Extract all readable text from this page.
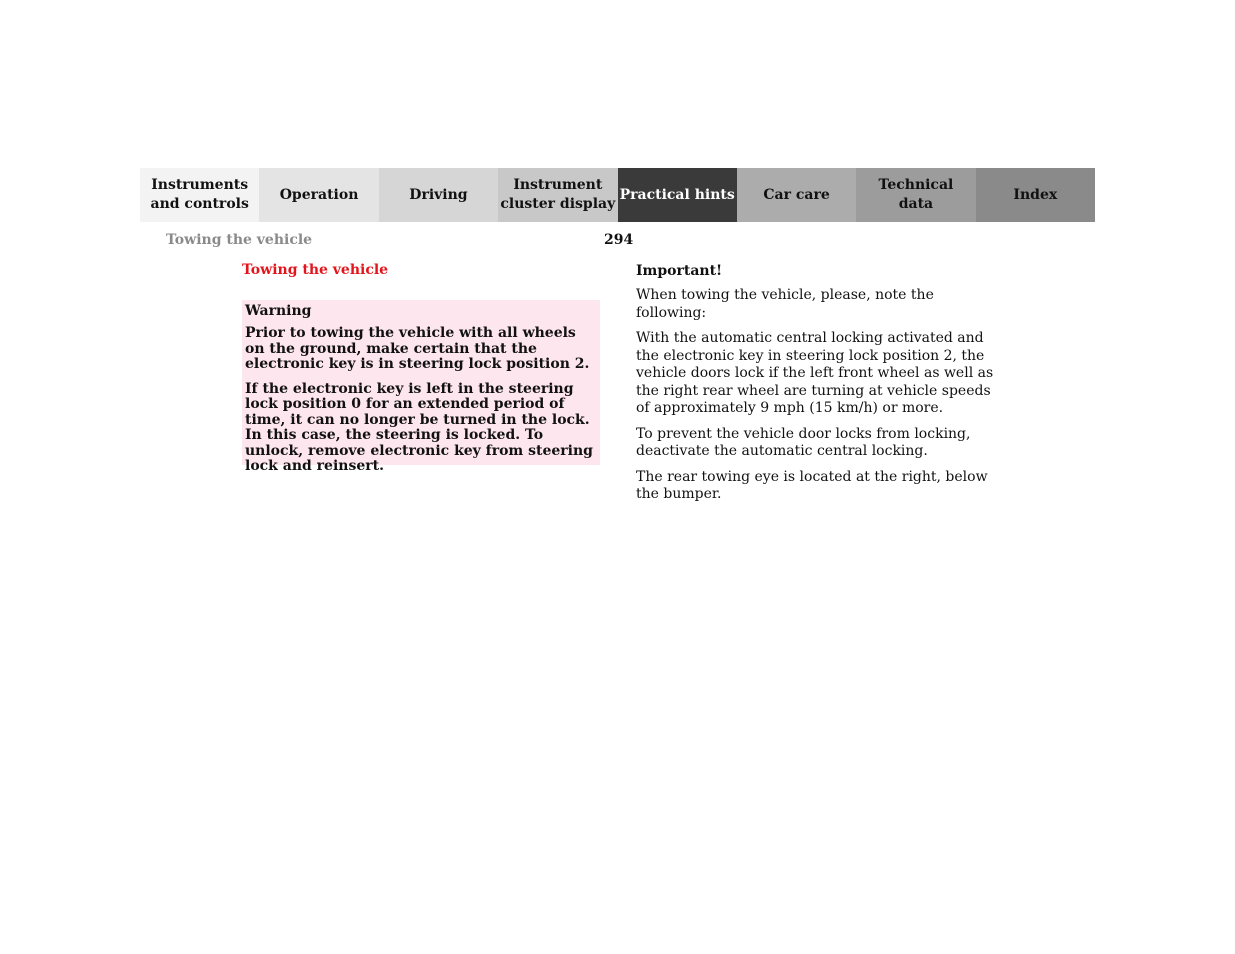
Instruments
and controls
Operation	Driving
Instrument
cluster display
Practical hints	Car care
Technical
data
Index
Towing the vehicle	294
Towing the vehicle

Warning

Prior to towing the vehicle with all wheels on the ground, make certain that the electronic key is in steering lock position 2.

If the electronic key is left in the steering lock position 0 for an extended period of time, it can no longer be turned in the lock. In this case, the steering is locked. To unlock, remove electronic key from steering lock and reinsert.

Important!

When towing the vehicle, please, note the following:

With the automatic central locking activated and the electronic key in steering lock position 2, the vehicle doors lock if the left front wheel as well as the right rear wheel are turning at vehicle speeds of approximately 9 mph (15 km/h) or more.

To prevent the vehicle door locks from locking, deactivate the automatic central locking.

The rear towing eye is located at the right, below the bumper.
